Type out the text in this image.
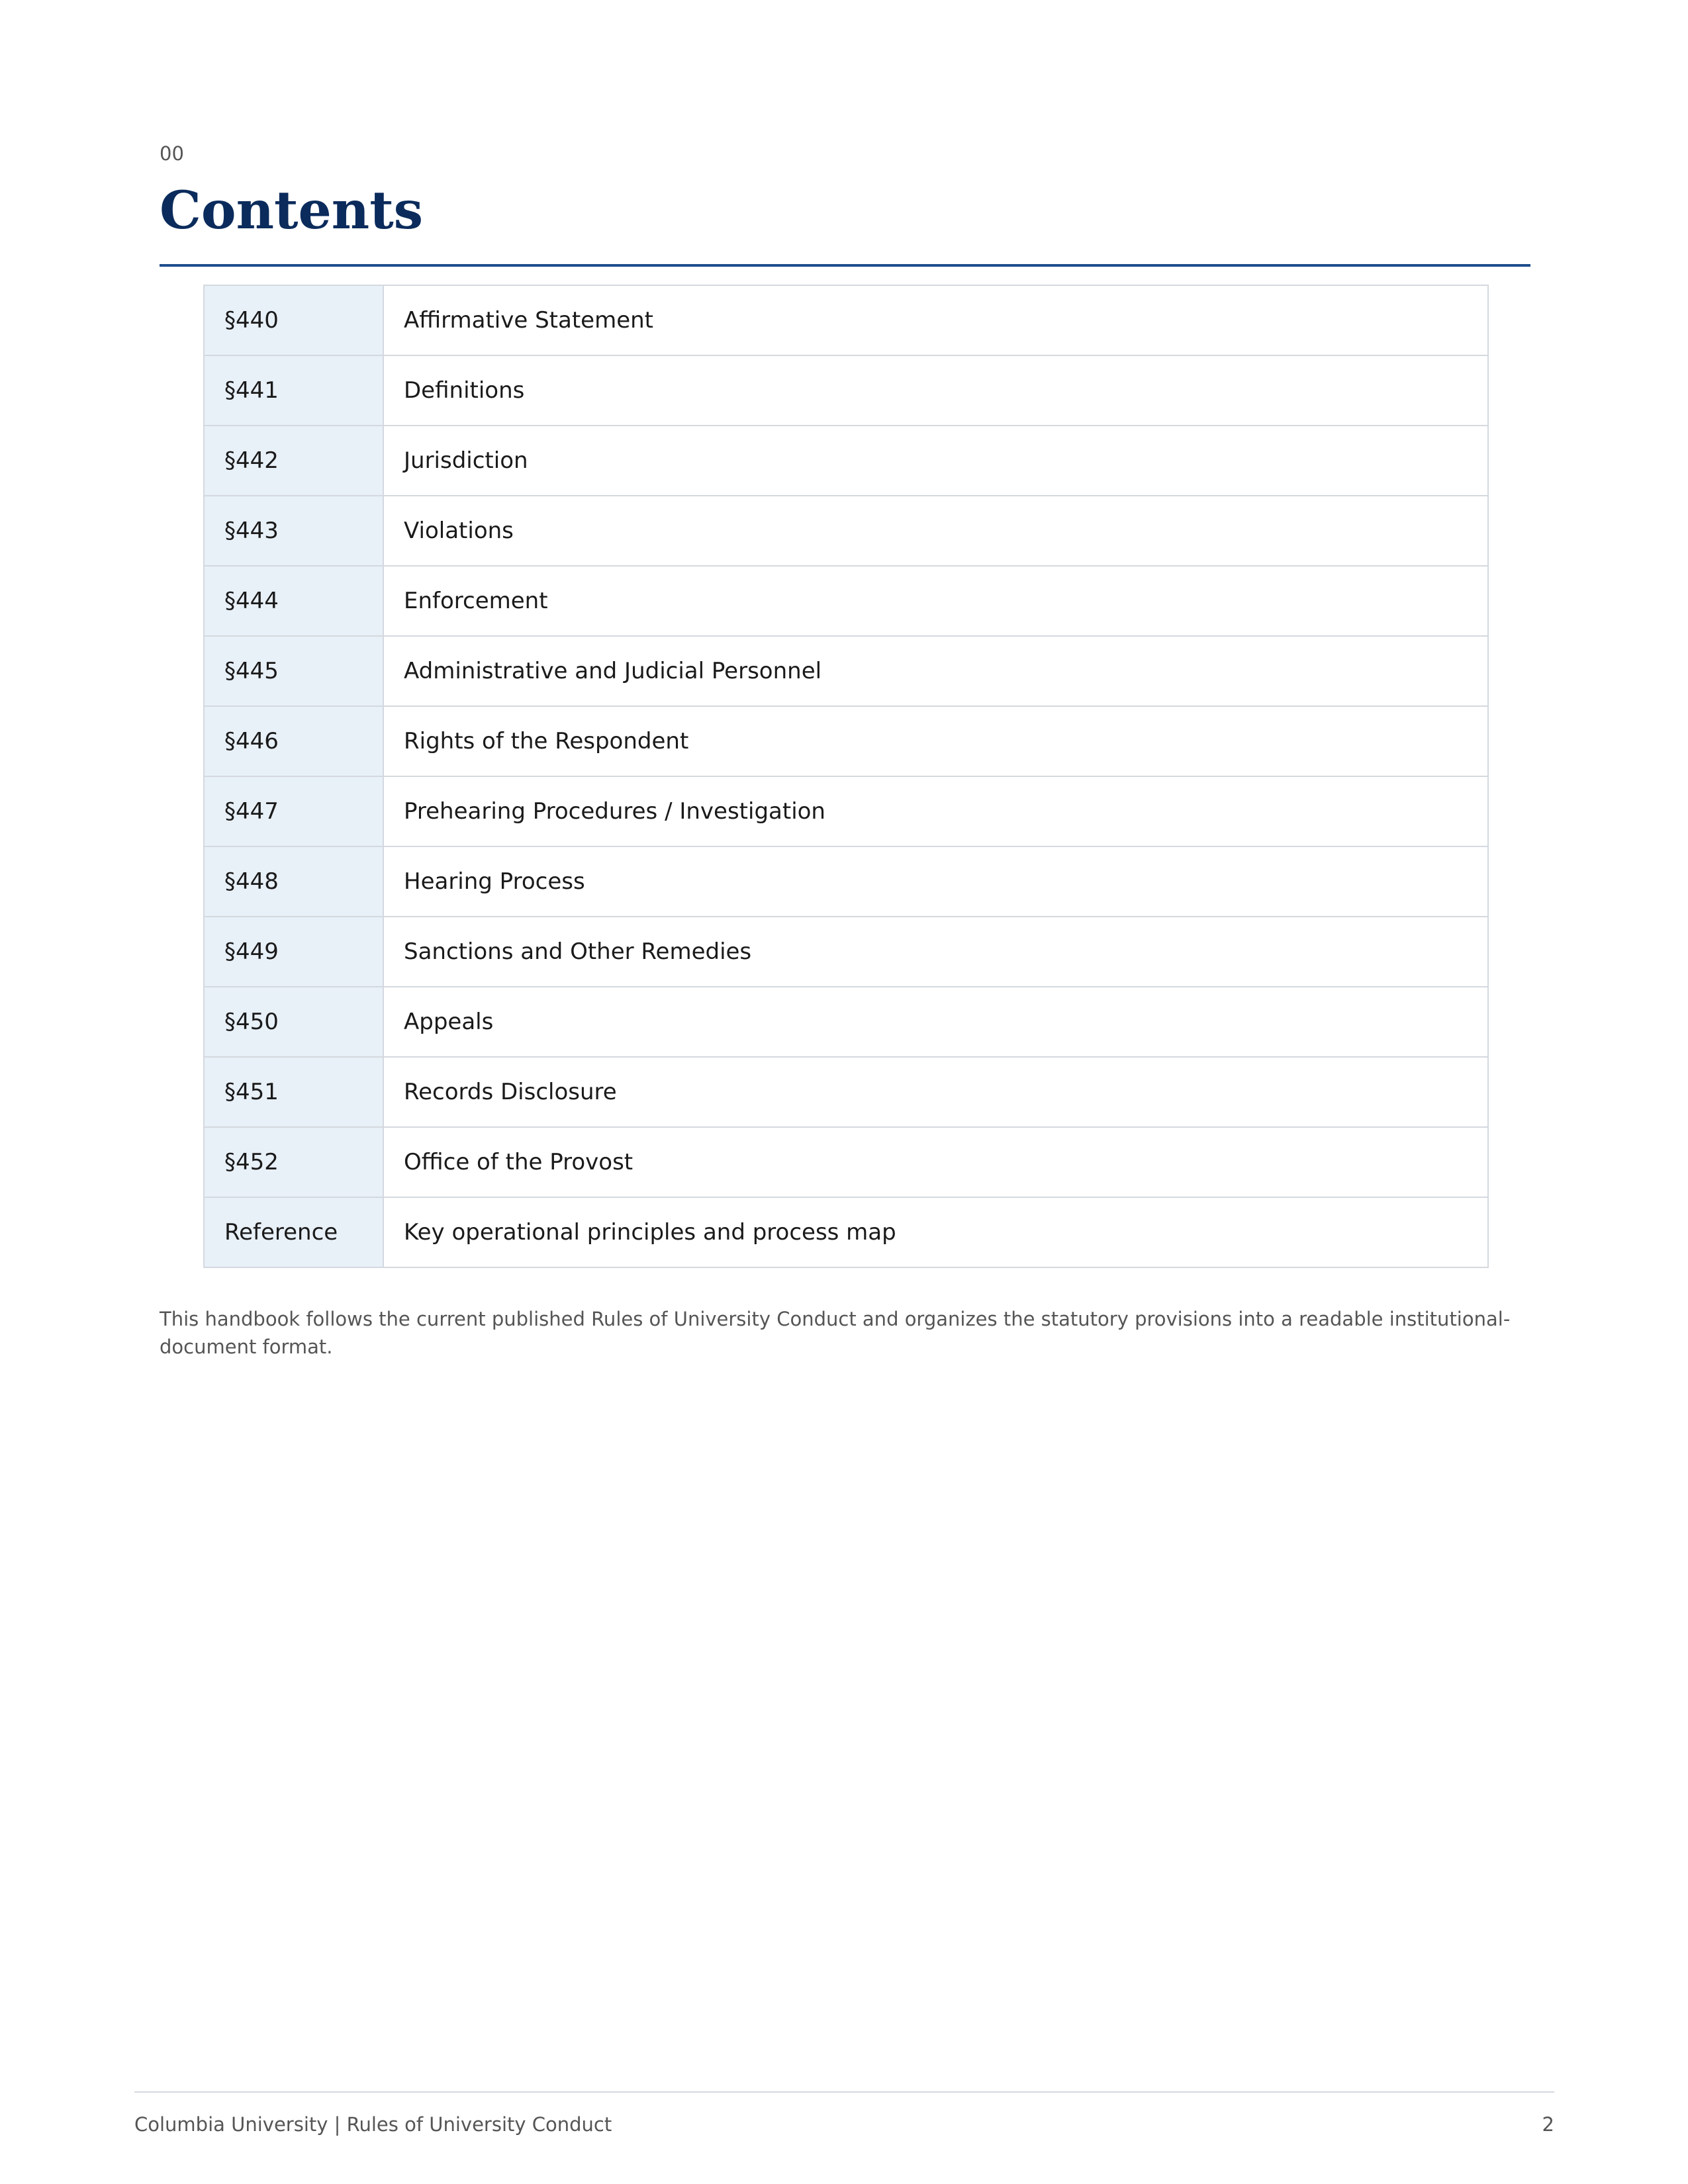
00
Contents
§440	Affirmative Statement
§441	Definitions
§442	Jurisdiction
§443	Violations
§444	Enforcement
§445	Administrative and Judicial Personnel
§446	Rights of the Respondent
§447	Prehearing Procedures / Investigation
§448	Hearing Process
§449	Sanctions and Other Remedies
§450	Appeals
§451	Records Disclosure
§452	Office of the Provost
Reference	Key operational principles and process map

This handbook follows the current published Rules of University Conduct and organizes the statutory provisions into a readable institutional-document format.

Columbia University | Rules of University Conduct	2
